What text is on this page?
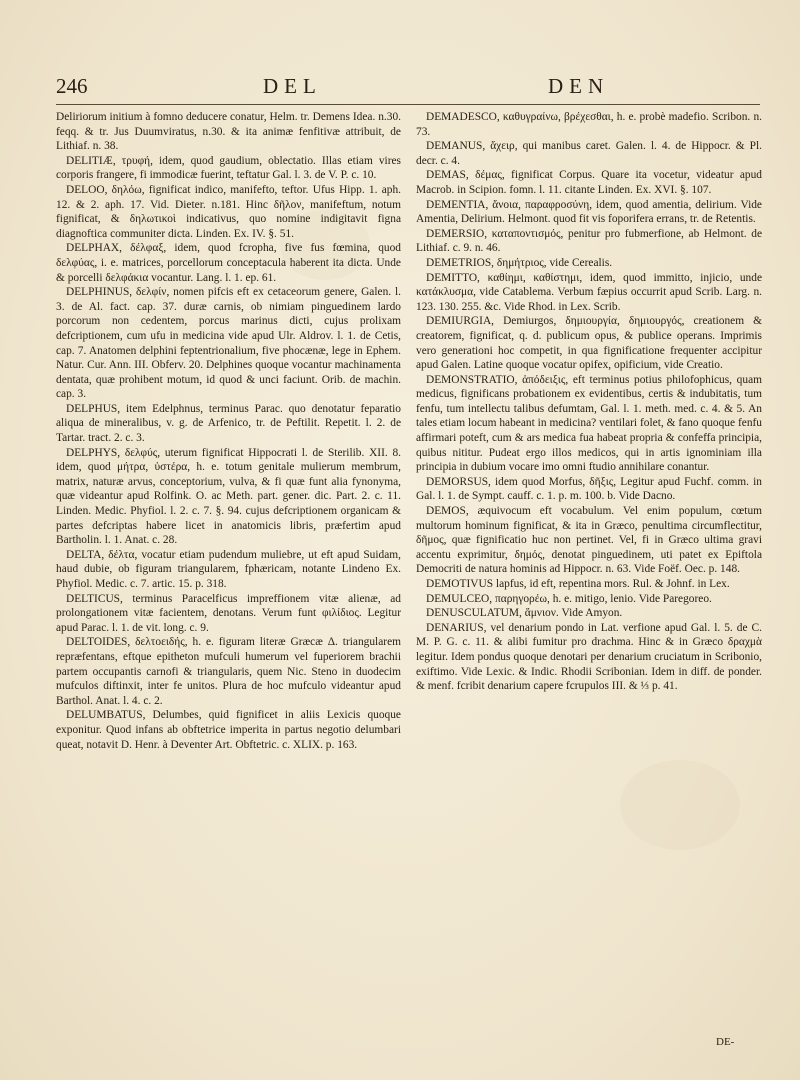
246	DEL	DEN

Deliriorum initium à fomno deducere conatur, Helm. tr. Demens Idea. n.30. feqq. & tr. Jus Duumviratus, n.30. & ita animæ fenfitivæ attribuit, de Lithiaf. n. 38.

DELITIÆ, τρυφή, idem, quod gaudium, oblectatio. Illas etiam vires corporis frangere, fi immodicæ fuerint, teftatur Gal. l. 3. de V. P. c. 10.

DELOO, δηλόω, fignificat indico, manifefto, teftor. Ufus Hipp. 1. aph. 12. & 2. aph. 17. Vid. Dieter. n.181. Hinc δῆλον, manifeftum, notum fignificat, & δηλωτικοὶ indicativus, quo nomine indigitavit figna diagnoftica communiter dicta. Linden. Ex. IV. §. 51.

DELPHAX, δέλφαξ, idem, quod fcropha, five fus fœmina, quod δελφύας, i. e. matrices, porcellorum conceptacula haberent ita dicta. Unde & porcelli δελφάκια vocantur. Lang. l. 1. ep. 61.

DELPHINUS, δελφίν, nomen pifcis eft ex cetaceorum genere, Galen. l. 3. de Al. fact. cap. 37. duræ carnis, ob nimiam pinguedinem lardo porcorum non cedentem, porcus marinus dicti, cujus prolixam defcriptionem, cum ufu in medicina vide apud Ulr. Aldrov. l. 1. de Cetis, cap. 7. Anatomen delphini feptentrionalium, five phocænæ, lege in Ephem. Natur. Cur. Ann. III. Obferv. 20. Delphines quoque vocantur machinamenta dentata, quæ prohibent motum, id quod & unci faciunt. Orib. de machin. cap. 3.

DELPHUS, item Edelphnus, terminus Parac. quo denotatur feparatio aliqua de mineralibus, v. g. de Arfenico, tr. de Peftilit. Repetit. l. 2. de Tartar. tract. 2. c. 3.

DELPHYS, δελφύς, uterum fignificat Hippocrati l. de Sterilib. XII. 8. idem, quod μήτρα, ὑστέρα, h. e. totum genitale mulierum membrum, matrix, naturæ arvus, conceptorium, vulva, & fi quæ funt alia fynonyma, quæ videantur apud Rolfink. O. ac Meth. part. gener. dic. Part. 2. c. 11. Linden. Medic. Phyfiol. l. 2. c. 7. §. 94. cujus defcriptionem organicam & partes defcriptas habere licet in anatomicis libris, præfertim apud Bartholin. l. 1. Anat. c. 28.

DELTA, δέλτα, vocatur etiam pudendum muliebre, ut eft apud Suidam, haud dubie, ob figuram triangularem, fphæricam, notante Lindeno Ex. Phyfiol. Medic. c. 7. artic. 15. p. 318.

DELTICUS, terminus Paracelficus impreffionem vitæ alienæ, ad prolongationem vitæ facientem, denotans. Verum funt φιλίδιος. Legitur apud Parac. l. 1. de vit. long. c. 9.

DELTOIDES, δελτοειδής, h. e. figuram literæ Græcæ Δ. triangularem repræfentans, eftque epitheton mufculi humerum vel fuperiorem brachii partem occupantis carnofi & triangularis, quem Nic. Steno in duodecim mufculos diftinxit, inter fe unitos. Plura de hoc mufculo videantur apud Barthol. Anat. l. 4. c. 2.

DELUMBATUS, Delumbes, quid fignificet in aliis Lexicis quoque exponitur. Quod infans ab obftetrice imperita in partus negotio delumbari queat, notavit D. Henr. à Deventer Art. Obftetric. c. XLIX. p. 163.

DEMADESCO, καθυγραίνω, βρέχεσθαι, h. e. probè madefio. Scribon. n. 73.

DEMANUS, ἄχειρ, qui manibus caret. Galen. l. 4. de Hippocr. & Pl. decr. c. 4.

DEMAS, δέμας, fignificat Corpus. Quare ita vocetur, videatur apud Macrob. in Scipion. fomn. l. 11. citante Linden. Ex. XVI. §. 107.

DEMENTIA, ἄνοια, παραφροσύνη, idem, quod amentia, delirium. Vide Amentia, Delirium. Helmont. quod fit vis foporifera errans, tr. de Retentis.

DEMERSIO, καταποντισμός, penitur pro fubmerfione, ab Helmont. de Lithiaf. c. 9. n. 46.

DEMETRIOS, δημήτριος, vide Cerealis.

DEMITTO, καθίημι, καθίστημι, idem, quod immitto, injicio, unde κατάκλυσμα, vide Catablema. Verbum fæpius occurrit apud Scrib. Larg. n. 123. 130. 255. &c. Vide Rhod. in Lex. Scrib.

DEMIURGIA, Demiurgos, δημιουργία, δημιουργός, creationem & creatorem, fignificat, q. d. publicum opus, & publice operans. Imprimis vero generationi hoc competit, in qua fignificatione frequenter accipitur apud Galen. Latine quoque vocatur opifex, opificium, vide Creatio.

DEMONSTRATIO, ἀπόδειξις, eft terminus potius philofophicus, quam medicus, fignificans probationem ex evidentibus, certis & indubitatis, tum fenfu, tum intellectu talibus defumtam, Gal. l. 1. meth. med. c. 4. & 5. An tales etiam locum habeant in medicina? ventilari folet, & fano quoque fenfu affirmari poteft, cum & ars medica fua habeat propria & confeffa principia, quibus nititur. Pudeat ergo illos medicos, qui in artis ignominiam illa principia in dubium vocare imo omni ftudio annihilare conantur.

DEMORSUS, idem quod Morfus, δῆξις, Legitur apud Fuchf. comm. in Gal. l. 1. de Sympt. cauff. c. 1. p. m. 100. b. Vide Dacno.

DEMOS, æquivocum eft vocabulum. Vel enim populum, cœtum multorum hominum fignificat, & ita in Græco, penultima circumflectitur, δῆμος, quæ fignificatio huc non pertinet. Vel, fi in Græco ultima gravi accentu exprimitur, δημός, denotat pinguedinem, uti patet ex Epiftola Democriti de natura hominis ad Hippocr. n. 63. Vide Foëf. Oec. p. 148.

DEMOTIVUS lapfus, id eft, repentina mors. Rul. & Johnf. in Lex.

DEMULCEO, παρηγορέω, h. e. mitigo, lenio. Vide Paregoreo.

DENUSCULATUM, ἄμνιον. Vide Amyon.

DENARIUS, vel denarium pondo in Lat. verfione apud Gal. l. 5. de C. M. P. G. c. 11. & alibi fumitur pro drachma. Hinc & in Græco δραχμὰ legitur. Idem pondus quoque denotari per denarium cruciatum in Scribonio, exiftimo. Vide Lexic. & Indic. Rhodii Scribonian. Idem in diff. de ponder. & menf. fcribit denarium capere fcrupulos III. & ⅓ p. 41.

DE-
